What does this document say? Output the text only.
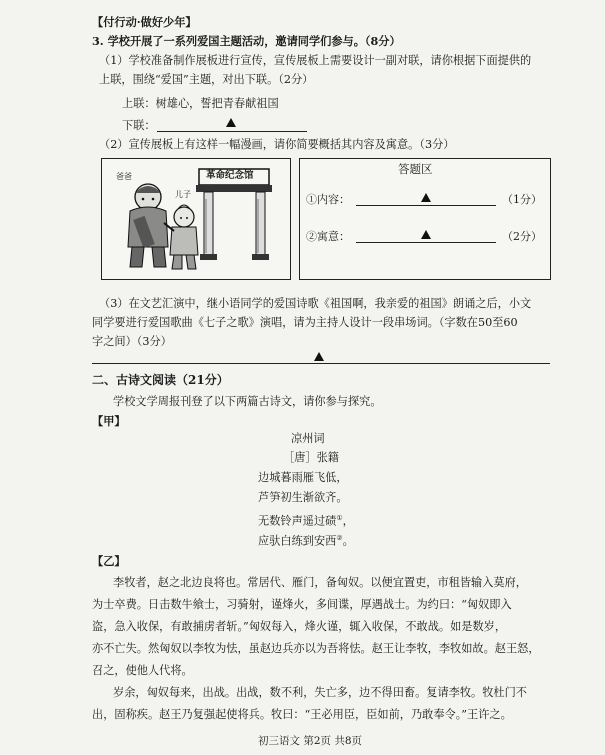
【付行动·做好少年】
3. 学校开展了一系列爱国主题活动，邀请同学们参与。（8分）
（1）学校准备制作展板进行宣传，宣传展板上需要设计一副对联，请你根据下面提供的
上联，围绕“爱国”主题，对出下联。（2分）
上联：树雄心，誓把青春献祖国
下联：
（2）宣传展板上有这样一幅漫画，请你简要概括其内容及寓意。（3分）
爸爸
儿子
革命纪念馆	答题区
①内容：	（1分）
②寓意：	（2分）
（3）在文艺汇演中，继小语同学的爱国诗歌《祖国啊，我亲爱的祖国》朗诵之后，小文
同学要进行爱国歌曲《七子之歌》演唱，请为主持人设计一段串场词。（字数在50至60
字之间）（3分）
二、古诗文阅读（21分）
学校文学周报刊登了以下两篇古诗文，请你参与探究。
【甲】
凉州词
［唐］张籍
边城暮雨雁飞低，
芦笋初生渐欲齐。
无数铃声遥过碛①，
应驮白练到安西②。
【乙】
李牧者，赵之北边良将也。常居代、雁门，备匈奴。以便宜置吏，市租皆输入莫府，
为士卒费。日击数牛飨士，习骑射，谨烽火，多间谍，厚遇战士。为约曰：“匈奴即入
盗，急入收保，有敢捕虏者斩。”匈奴每入，烽火谨，辄入收保，不敢战。如是数岁，
亦不亡失。然匈奴以李牧为怯，虽赵边兵亦以为吾将怯。赵王让李牧，李牧如故。赵王怒，
召之，使他人代将。
岁余，匈奴每来，出战。出战，数不利，失亡多，边不得田畜。复请李牧。牧杜门不
出，固称疾。赵王乃复强起使将兵。牧曰：“王必用臣，臣如前，乃敢奉令。”王许之。
初三语文 第2页 共8页
